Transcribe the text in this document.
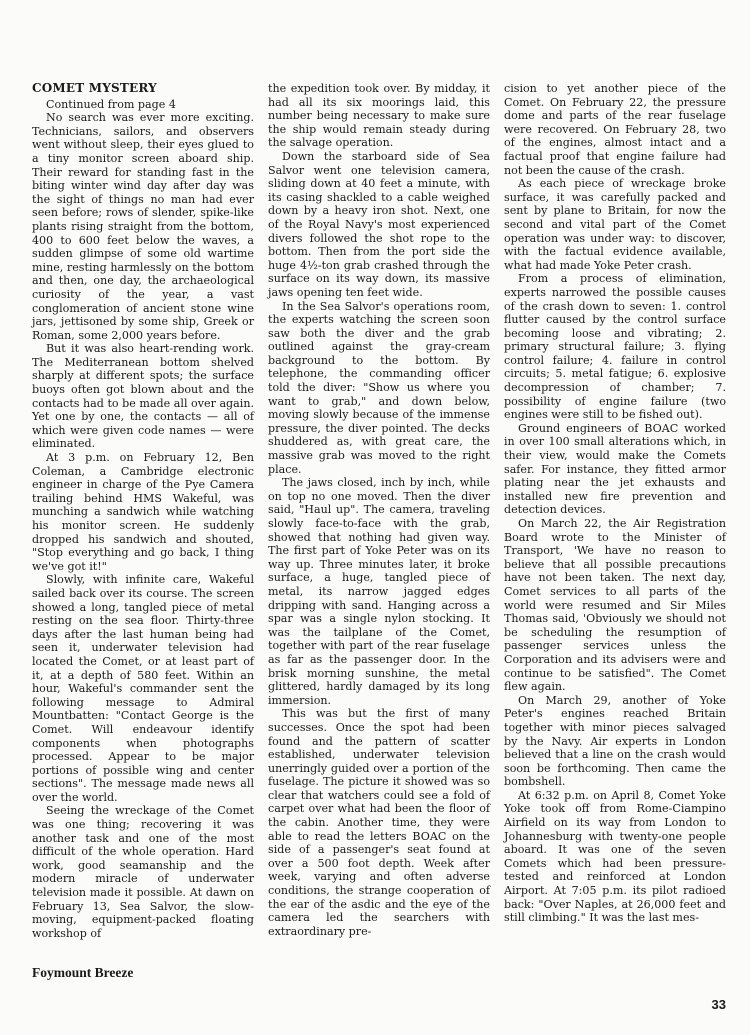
COMET MYSTERY

Continued from page 4

No search was ever more exciting. Technicians, sailors, and observers went without sleep, their eyes glued to a tiny monitor screen aboard ship. Their reward for standing fast in the biting winter wind day after day was the sight of things no man had ever seen before; rows of slender, spike-like plants rising straight from the bottom, 400 to 600 feet below the waves, a sudden glimpse of some old wartime mine, resting harmlessly on the bottom and then, one day, the archaeological curiosity of the year, a vast conglomeration of ancient stone wine jars, jettisoned by some ship, Greek or Roman, some 2,000 years before.

But it was also heart-rending work. The Mediterranean bottom shelved sharply at different spots; the surface buoys often got blown about and the contacts had to be made all over again. Yet one by one, the contacts — all of which were given code names — were eliminated.

At 3 p.m. on February 12, Ben Coleman, a Cambridge electronic engineer in charge of the Pye Camera trailing behind HMS Wakeful, was munching a sandwich while watching his monitor screen. He suddenly dropped his sandwich and shouted, "Stop everything and go back, I thing we've got it!"

Slowly, with infinite care, Wakeful sailed back over its course. The screen showed a long, tangled piece of metal resting on the sea floor. Thirty-three days after the last human being had seen it, underwater television had located the Comet, or at least part of it, at a depth of 580 feet. Within an hour, Wakeful's commander sent the following message to Admiral Mountbatten: "Contact George is the Comet. Will endeavour identify components when photographs processed. Appear to be major portions of possible wing and center sections". The message made news all over the world.

Seeing the wreckage of the Comet was one thing; recovering it was another task and one of the most difficult of the whole operation. Hard work, good seamanship and the modern miracle of underwater television made it possible. At dawn on February 13, Sea Salvor, the slow-moving, equipment-packed floating workshop of

the expedition took over. By midday, it had all its six moorings laid, this number being necessary to make sure the ship would remain steady during the salvage operation.

Down the starboard side of Sea Salvor went one television camera, sliding down at 40 feet a minute, with its casing shackled to a cable weighed down by a heavy iron shot. Next, one of the Royal Navy's most experienced divers followed the shot rope to the bottom. Then from the port side the huge 4½-ton grab crashed through the surface on its way down, its massive jaws opening ten feet wide.

In the Sea Salvor's operations room, the experts watching the screen soon saw both the diver and the grab outlined against the gray-cream background to the bottom. By telephone, the commanding officer told the diver: "Show us where you want to grab," and down below, moving slowly because of the immense pressure, the diver pointed. The decks shuddered as, with great care, the massive grab was moved to the right place.

The jaws closed, inch by inch, while on top no one moved. Then the diver said, "Haul up". The camera, traveling slowly face-to-face with the grab, showed that nothing had given way. The first part of Yoke Peter was on its way up. Three minutes later, it broke surface, a huge, tangled piece of metal, its narrow jagged edges dripping with sand. Hanging across a spar was a single nylon stocking. It was the tailplane of the Comet, together with part of the rear fuselage as far as the passenger door. In the brisk morning sunshine, the metal glittered, hardly damaged by its long immersion.

This was but the first of many successes. Once the spot had been found and the pattern of scatter established, underwater television unerringly guided over a portion of the fuselage. The picture it showed was so clear that watchers could see a fold of carpet over what had been the floor of the cabin. Another time, they were able to read the letters BOAC on the side of a passenger's seat found at over a 500 foot depth. Week after week, varying and often adverse conditions, the strange cooperation of the ear of the asdic and the eye of the camera led the searchers with extraordinary pre-

cision to yet another piece of the Comet. On February 22, the pressure dome and parts of the rear fuselage were recovered. On February 28, two of the engines, almost intact and a factual proof that engine failure had not been the cause of the crash.

As each piece of wreckage broke surface, it was carefully packed and sent by plane to Britain, for now the second and vital part of the Comet operation was under way: to discover, with the factual evidence available, what had made Yoke Peter crash.

From a process of elimination, experts narrowed the possible causes of the crash down to seven: 1. control flutter caused by the control surface becoming loose and vibrating; 2. primary structural failure; 3. flying control failure; 4. failure in control circuits; 5. metal fatigue; 6. explosive decompression of chamber; 7. possibility of engine failure (two engines were still to be fished out).

Ground engineers of BOAC worked in over 100 small alterations which, in their view, would make the Comets safer. For instance, they fitted armor plating near the jet exhausts and installed new fire prevention and detection devices.

On March 22, the Air Registration Board wrote to the Minister of Transport, 'We have no reason to believe that all possible precautions have not been taken. The next day, Comet services to all parts of the world were resumed and Sir Miles Thomas said, 'Obviously we should not be scheduling the resumption of passenger services unless the Corporation and its advisers were and continue to be satisfied". The Comet flew again.

On March 29, another of Yoke Peter's engines reached Britain together with minor pieces salvaged by the Navy. Air experts in London believed that a line on the crash would soon be forthcoming. Then came the bombshell.

At 6:32 p.m. on April 8, Comet Yoke Yoke took off from Rome-Ciampino Airfield on its way from London to Johannesburg with twenty-one people aboard. It was one of the seven Comets which had been pressure-tested and reinforced at London Airport. At 7:05 p.m. its pilot radioed back: "Over Naples, at 26,000 feet and still climbing." It was the last mes-

Foymount Breeze
33
